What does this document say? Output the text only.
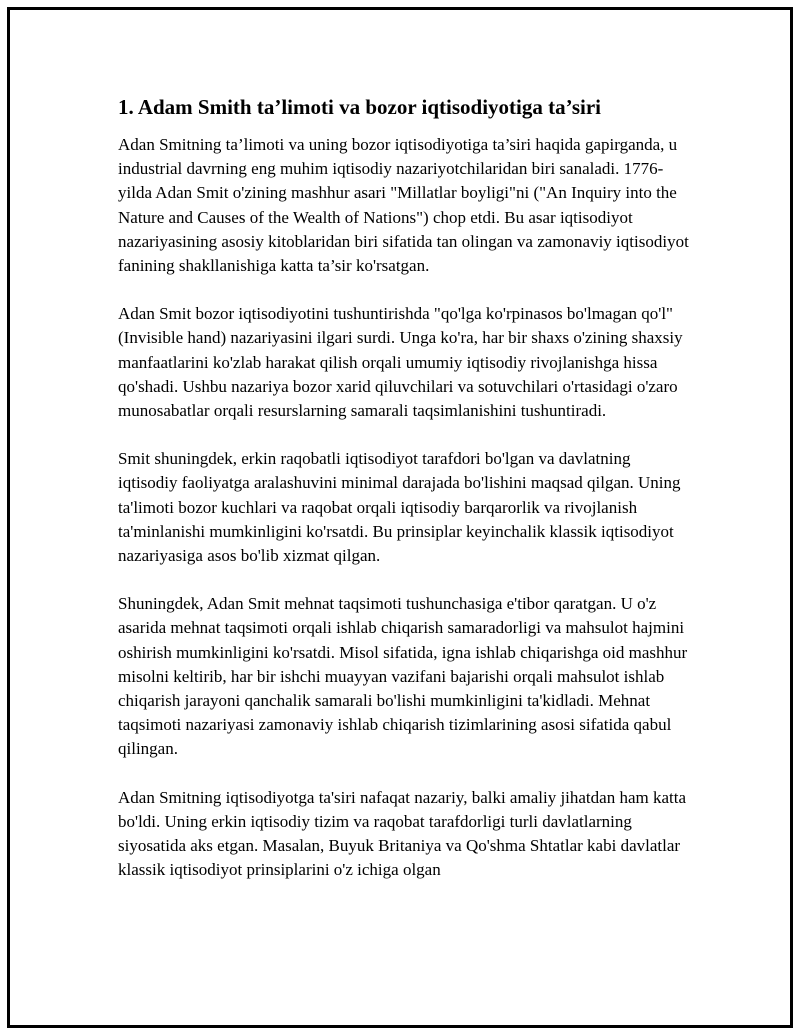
1. Adam Smith ta’limoti va bozor iqtisodiyotiga ta’siri

Adan Smitning ta’limoti va uning bozor iqtisodiyotiga ta’siri haqida gapirganda, u industrial davrning eng muhim iqtisodiy nazariyotchilaridan biri sanaladi. 1776-yilda Adan Smit o'zining mashhur asari "Millatlar boyligi"ni ("An Inquiry into the Nature and Causes of the Wealth of Nations") chop etdi. Bu asar iqtisodiyot nazariyasining asosiy kitoblaridan biri sifatida tan olingan va zamonaviy iqtisodiyot fanining shakllanishiga katta ta’sir ko'rsatgan.

Adan Smit bozor iqtisodiyotini tushuntirishda "qo'lga ko'rpinasos bo'lmagan qo'l" (Invisible hand) nazariyasini ilgari surdi. Unga ko'ra, har bir shaxs o'zining shaxsiy manfaatlarini ko'zlab harakat qilish orqali umumiy iqtisodiy rivojlanishga hissa qo'shadi. Ushbu nazariya bozor xarid qiluvchilari va sotuvchilari o'rtasidagi o'zaro munosabatlar orqali resurslarning samarali taqsimlanishini tushuntiradi.

Smit shuningdek, erkin raqobatli iqtisodiyot tarafdori bo'lgan va davlatning iqtisodiy faoliyatga aralashuvini minimal darajada bo'lishini maqsad qilgan. Uning ta'limoti bozor kuchlari va raqobat orqali iqtisodiy barqarorlik va rivojlanish ta'minlanishi mumkinligini ko'rsatdi. Bu prinsiplar keyinchalik klassik iqtisodiyot nazariyasiga asos bo'lib xizmat qilgan.

Shuningdek, Adan Smit mehnat taqsimoti tushunchasiga e'tibor qaratgan. U o'z asarida mehnat taqsimoti orqali ishlab chiqarish samaradorligi va mahsulot hajmini oshirish mumkinligini ko'rsatdi. Misol sifatida, igna ishlab chiqarishga oid mashhur misolni keltirib, har bir ishchi muayyan vazifani bajarishi orqali mahsulot ishlab chiqarish jarayoni qanchalik samarali bo'lishi mumkinligini ta'kidladi. Mehnat taqsimoti nazariyasi zamonaviy ishlab chiqarish tizimlarining asosi sifatida qabul qilingan.

Adan Smitning iqtisodiyotga ta'siri nafaqat nazariy, balki amaliy jihatdan ham katta bo'ldi. Uning erkin iqtisodiy tizim va raqobat tarafdorligi turli davlatlarning siyosatida aks etgan. Masalan, Buyuk Britaniya va Qo'shma Shtatlar kabi davlatlar klassik iqtisodiyot prinsiplarini o'z ichiga olgan
